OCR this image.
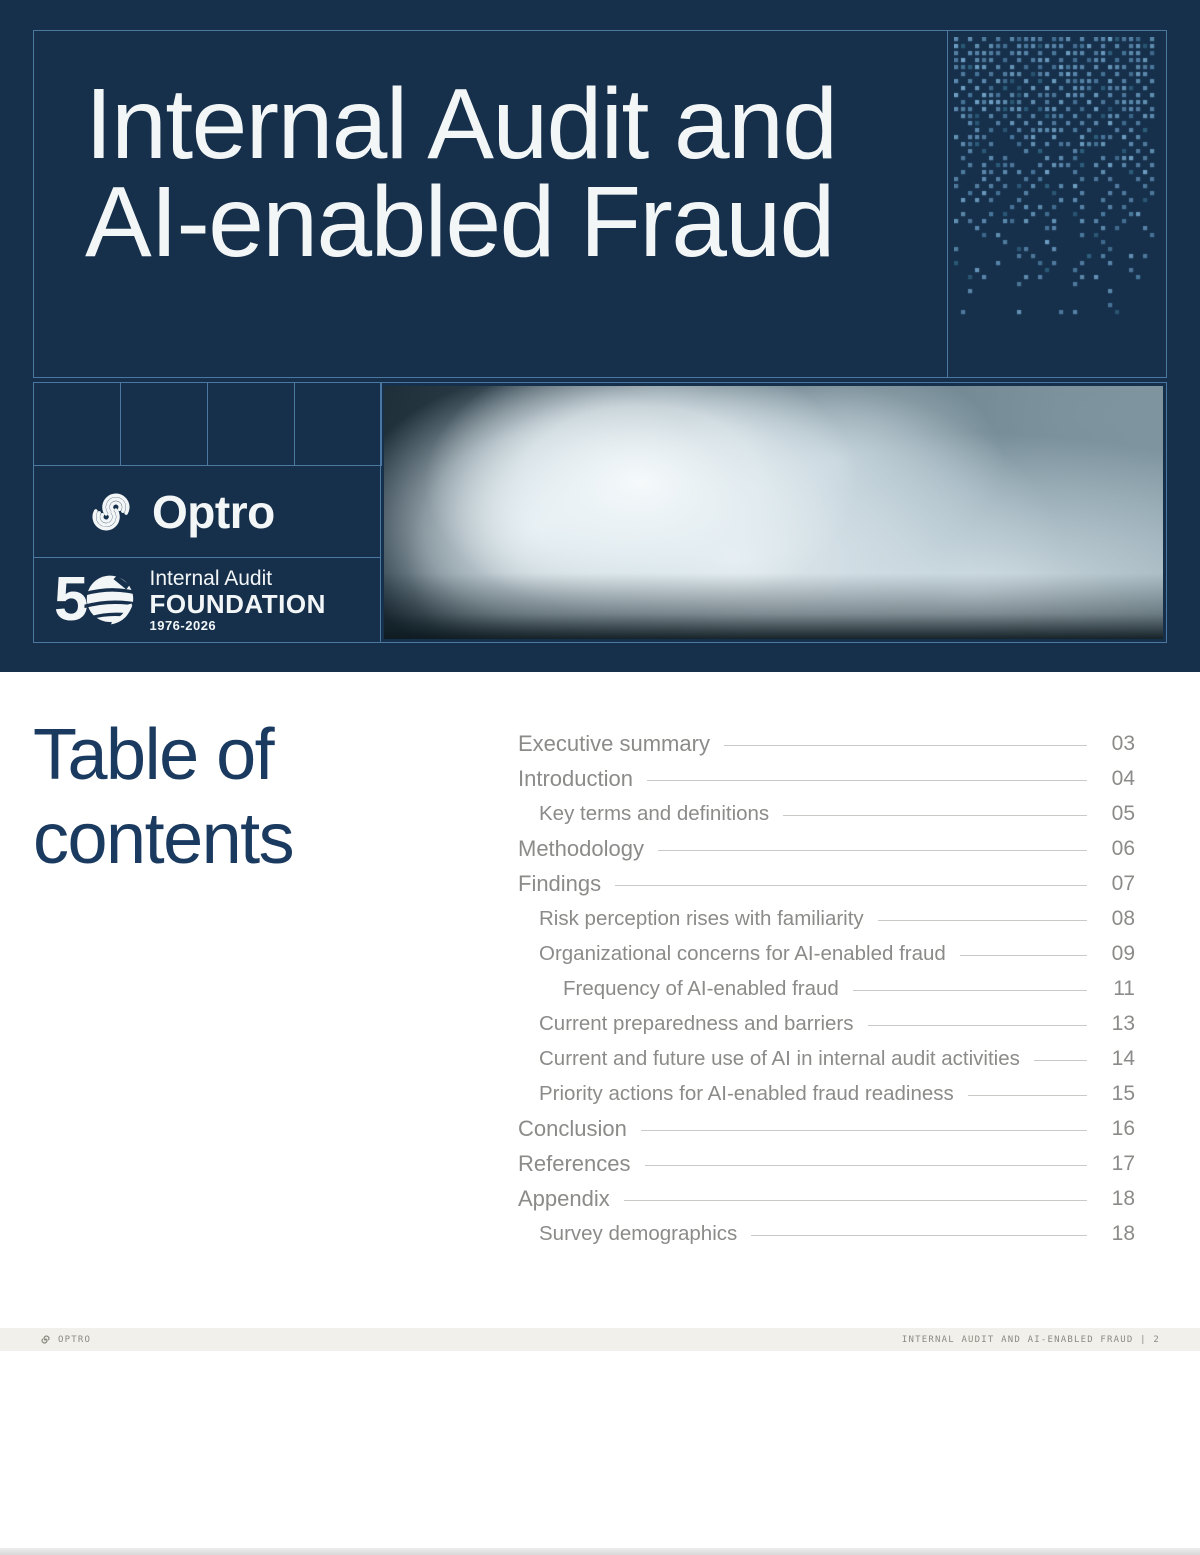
Internal Audit and
AI-enabled Fraud
Optro
5	Internal Audit
FOUNDATION
1976-2026
Table of
contents
Executive summary	03
Introduction	04
Key terms and definitions	05
Methodology	06
Findings	07
Risk perception rises with familiarity	08
Organizational concerns for AI-enabled fraud	09
Frequency of AI-enabled fraud	11
Current preparedness and barriers	13
Current and future use of AI in internal audit activities	14
Priority actions for AI-enabled fraud readiness	15
Conclusion	16
References	17
Appendix	18
Survey demographics	18
OPTRO	INTERNAL AUDIT AND AI-ENABLED FRAUD | 2
